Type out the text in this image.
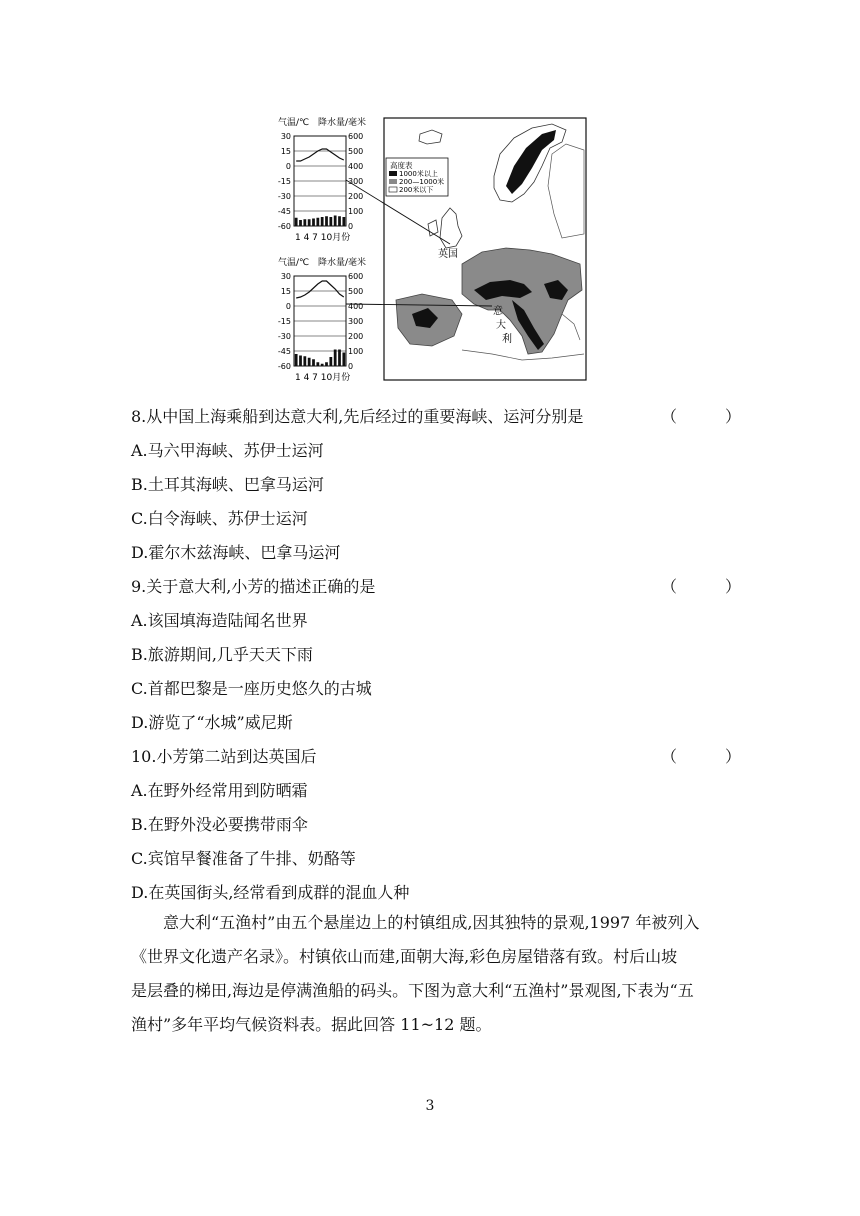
气温/℃ 降水量/毫米
30	600
15	500
0	400
-15	300
-30	200
-45	100
-60	0
1 4 7 10月份
气温/℃ 降水量/毫米
30	600
15	500
0	400
-15	300
-30	200
-45	100
-60	0
1 4 7 10月份
高度表
1000米以上
200—1000米
200米以下
英国
意
大
利
8.从中国上海乘船到达意大利,先后经过的重要海峡、运河分别是	（　　　）
A.马六甲海峡、苏伊士运河
B.土耳其海峡、巴拿马运河
C.白令海峡、苏伊士运河
D.霍尔木兹海峡、巴拿马运河
9.关于意大利,小芳的描述正确的是	（　　　）
A.该国填海造陆闻名世界
B.旅游期间,几乎天天下雨
C.首都巴黎是一座历史悠久的古城
D.游览了“水城”威尼斯
10.小芳第二站到达英国后	（　　　）
A.在野外经常用到防晒霜
B.在野外没必要携带雨伞
C.宾馆早餐准备了牛排、奶酪等
D.在英国街头,经常看到成群的混血人种
　　意大利“五渔村”由五个悬崖边上的村镇组成,因其独特的景观,1997 年被列入
《世界文化遗产名录》。村镇依山而建,面朝大海,彩色房屋错落有致。村后山坡
是层叠的梯田,海边是停满渔船的码头。下图为意大利“五渔村”景观图,下表为“五
渔村”多年平均气候资料表。据此回答 11~12 题。
3
